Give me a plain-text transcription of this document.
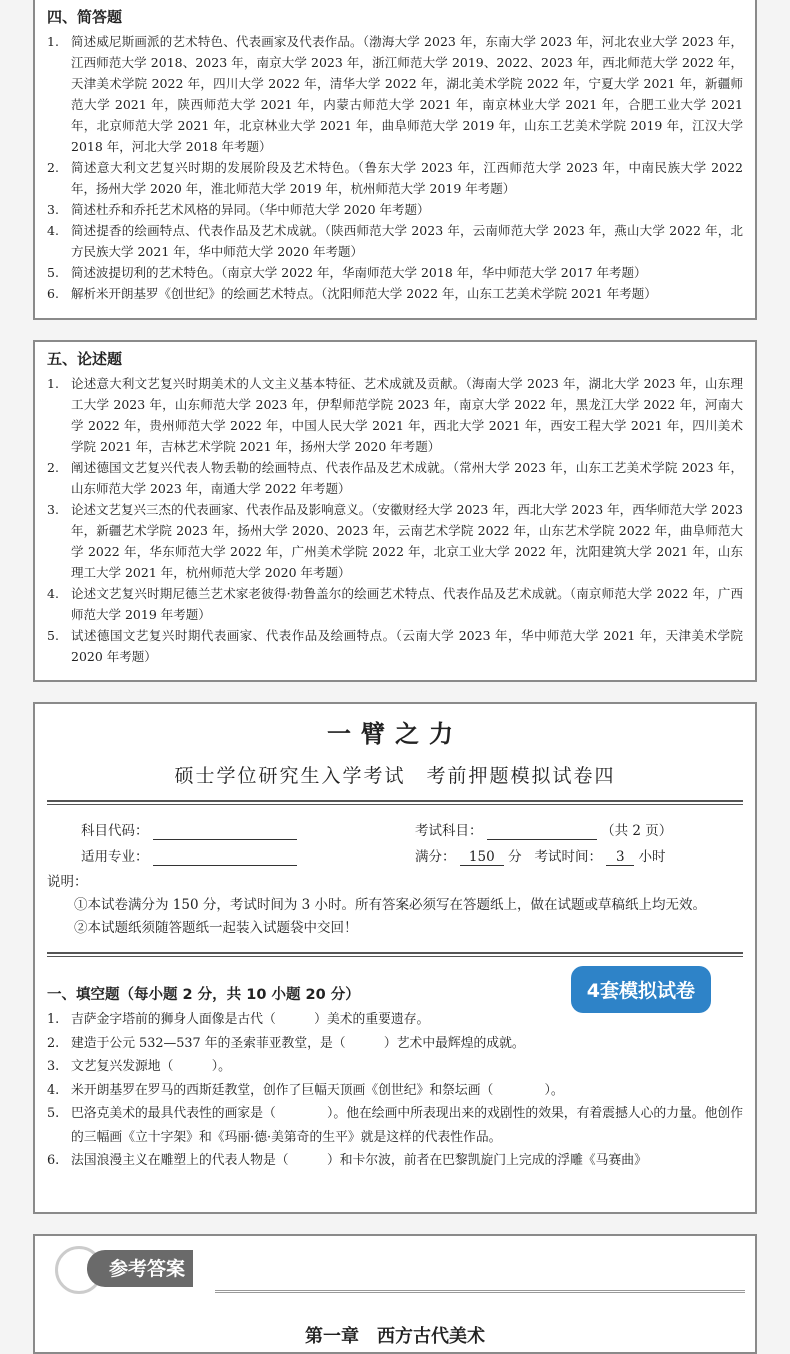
四、简答题
1. 简述威尼斯画派的艺术特色、代表画家及代表作品。（渤海大学 2023 年，东南大学 2023 年，河北农业大学 2023 年，江西师范大学 2018、2023 年，南京大学 2023 年，浙江师范大学 2019、2022、2023 年，西北师范大学 2022 年，天津美术学院 2022 年，四川大学 2022 年，清华大学 2022 年，湖北美术学院 2022 年，宁夏大学 2021 年，新疆师范大学 2021 年，陕西师范大学 2021 年，内蒙古师范大学 2021 年，南京林业大学 2021 年，合肥工业大学 2021 年，北京师范大学 2021 年，北京林业大学 2021 年，曲阜师范大学 2019 年，山东工艺美术学院 2019 年，江汉大学 2018 年，河北大学 2018 年考题）
2. 简述意大利文艺复兴时期的发展阶段及艺术特色。（鲁东大学 2023 年，江西师范大学 2023 年，中南民族大学 2022 年，扬州大学 2020 年，淮北师范大学 2019 年，杭州师范大学 2019 年考题）
3. 简述杜乔和乔托艺术风格的异同。（华中师范大学 2020 年考题）
4. 简述提香的绘画特点、代表作品及艺术成就。（陕西师范大学 2023 年，云南师范大学 2023 年，燕山大学 2022 年，北方民族大学 2021 年，华中师范大学 2020 年考题）
5. 简述波提切利的艺术特色。（南京大学 2022 年，华南师范大学 2018 年，华中师范大学 2017 年考题）
6. 解析米开朗基罗《创世纪》的绘画艺术特点。（沈阳师范大学 2022 年，山东工艺美术学院 2021 年考题）
五、论述题
1. 论述意大利文艺复兴时期美术的人文主义基本特征、艺术成就及贡献。（海南大学 2023 年，湖北大学 2023 年，山东理工大学 2023 年，山东师范大学 2023 年，伊犁师范学院 2023 年，南京大学 2022 年，黑龙江大学 2022 年，河南大学 2022 年，贵州师范大学 2022 年，中国人民大学 2021 年，西北大学 2021 年，西安工程大学 2021 年，四川美术学院 2021 年，吉林艺术学院 2021 年，扬州大学 2020 年考题）
2. 阐述德国文艺复兴代表人物丢勒的绘画特点、代表作品及艺术成就。（常州大学 2023 年，山东工艺美术学院 2023 年，山东师范大学 2023 年，南通大学 2022 年考题）
3. 论述文艺复兴三杰的代表画家、代表作品及影响意义。（安徽财经大学 2023 年，西北大学 2023 年，西华师范大学 2023 年，新疆艺术学院 2023 年，扬州大学 2020、2023 年，云南艺术学院 2022 年，山东艺术学院 2022 年，曲阜师范大学 2022 年，华东师范大学 2022 年，广州美术学院 2022 年，北京工业大学 2022 年，沈阳建筑大学 2021 年，山东理工大学 2021 年，杭州师范大学 2020 年考题）
4. 论述文艺复兴时期尼德兰艺术家老彼得·勃鲁盖尔的绘画艺术特点、代表作品及艺术成就。（南京师范大学 2022 年，广西师范大学 2019 年考题）
5. 试述德国文艺复兴时期代表画家、代表作品及绘画特点。（云南大学 2023 年，华中师范大学 2021 年，天津美术学院 2020 年考题）
一臂之力
硕士学位研究生入学考试　考前押题模拟试卷四
科目代码：	考试科目：	（共 2 页）
适用专业：	满分： 150 分 考试时间： 3 小时
说明：
①本试卷满分为 150 分，考试时间为 3 小时。所有答案必须写在答题纸上，做在试题或草稿纸上均无效。
②本试题纸须随答题纸一起装入试题袋中交回！
4套模拟试卷
一、填空题（每小题 2 分，共 10 小题 20 分）
1. 吉萨金字塔前的狮身人面像是古代（　　　）美术的重要遗存。
2. 建造于公元 532—537 年的圣索菲亚教堂，是（　　　）艺术中最辉煌的成就。
3. 文艺复兴发源地（　　　）。
4. 米开朗基罗在罗马的西斯廷教堂，创作了巨幅天顶画《创世纪》和祭坛画（　　　　）。
5. 巴洛克美术的最具代表性的画家是（　　　　）。他在绘画中所表现出来的戏剧性的效果，有着震撼人心的力量。他创作的三幅画《立十字架》和《玛丽·德·美第奇的生平》就是这样的代表性作品。
6. 法国浪漫主义在雕塑上的代表人物是（　　　）和卡尔波，前者在巴黎凯旋门上完成的浮雕《马赛曲》
参考答案
第一章　西方古代美术
